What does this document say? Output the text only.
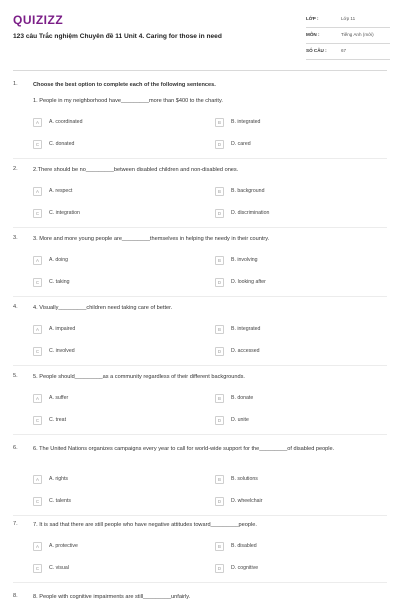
QUIZIZZ
123 câu Trắc nghiệm Chuyên đề 11 Unit 4. Caring for those in need
LỚP :	Lớp 11
MÔN :	Tiếng Anh (mới)
SỐ CÂU :	67
1.	Choose the best option to complete each of the following sentences.
1. People in my neighborhood have_________more than $400 to the charity.
A	A. coordinated	B	B. integrated
C	C. donated	D	D. cared
2.	2.There should be no_________between disabled children and non-disabled ones.
A	A. respect	B	B. background
C	C. integration	D	D. discrimination
3.	3. More and more young people are_________themselves in helping the needy in their country.
A	A. doing	B	B. involving
C	C. taking	D	D. looking after
4.	4. Visually_________children need taking care of better.
A	A. impaired	B	B. integrated
C	C. involved	D	D. accessed
5.	5. People should_________as a community regardless of their different backgrounds.
A	A. suffer	B	B. donate
C	C. treat	D	D. unite
6.	6. The United Nations organizes campaigns every year to call for world-wide support for the_________of disabled people.
A	A. rights	B	B. solutions
C	C. talents	D	D. wheelchair
7.	7. It is sad that there are still people who have negative attitudes toward_________people.
A	A. protective	B	B. disabled
C	C. visual	D	D. cognitive
8.	8. People with cognitive impairments are still_________unfairly.
